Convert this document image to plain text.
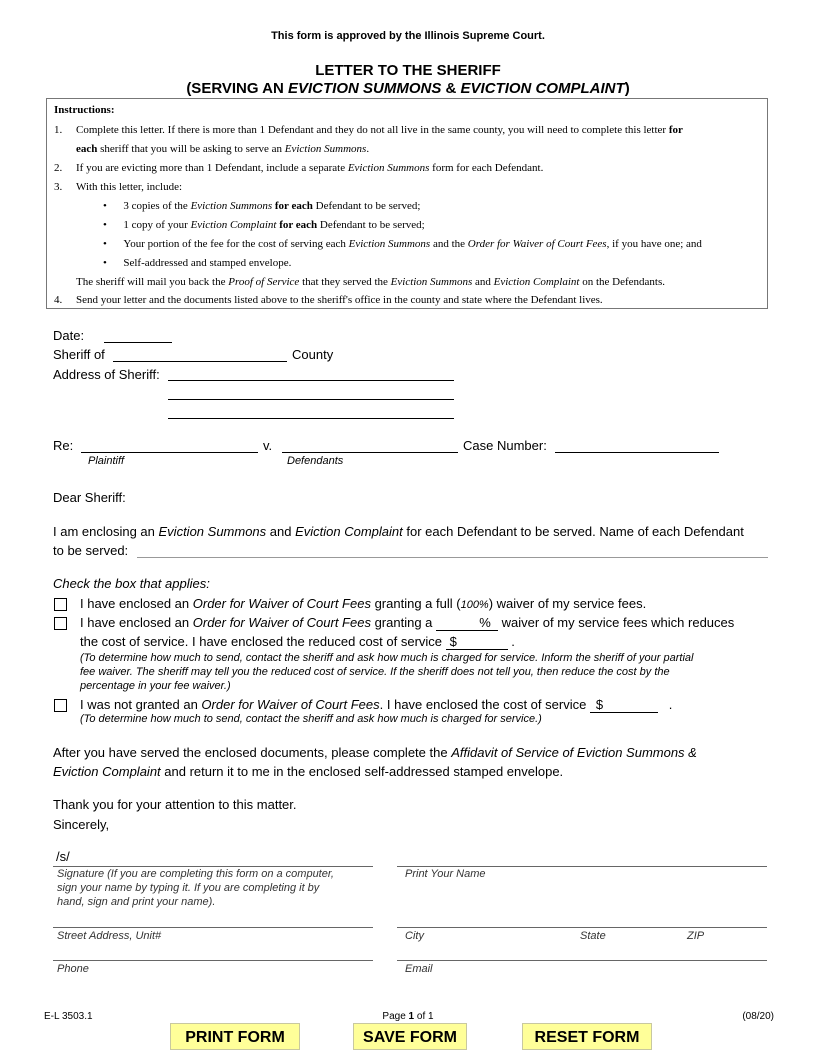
This form is approved by the Illinois Supreme Court.
LETTER TO THE SHERIFF
(SERVING AN EVICTION SUMMONS & EVICTION COMPLAINT)
Instructions:
1. Complete this letter. If there is more than 1 Defendant and they do not all live in the same county, you will need to complete this letter for
each sheriff that you will be asking to serve an Eviction Summons.
2. If you are evicting more than 1 Defendant, include a separate Eviction Summons form for each Defendant.
3. With this letter, include:
•      3 copies of the Eviction Summons for each Defendant to be served;
•      1 copy of your Eviction Complaint for each Defendant to be served;
•      Your portion of the fee for the cost of serving each Eviction Summons and the Order for Waiver of Court Fees, if you have one; and
•      Self-addressed and stamped envelope.
The sheriff will mail you back the Proof of Service that they served the Eviction Summons and Eviction Complaint on the Defendants.
4. Send your letter and the documents listed above to the sheriff's office in the county and state where the Defendant lives.
Date:
Sheriff of	County
Address of Sheriff:
Re:	v.	Case Number:
Plaintiff	Defendants
Dear Sheriff:
I am enclosing an Eviction Summons and Eviction Complaint for each Defendant to be served. Name of each Defendant
to be served:
Check the box that applies:
I have enclosed an Order for Waiver of Court Fees granting a full (100%) waiver of my service fees.
I have enclosed an Order for Waiver of Court Fees granting a	%   waiver of my service fees which reduces
the cost of service. I have enclosed the reduced cost of service $	.
(To determine how much to send, contact the sheriff and ask how much is charged for service. Inform the sheriff of your partial
fee waiver. The sheriff may tell you the reduced cost of service. If the sheriff does not tell you, then reduce the cost by the
percentage in your fee waiver.)
I was not granted an Order for Waiver of Court Fees. I have enclosed the cost of service $	.
(To determine how much to send, contact the sheriff and ask how much is charged for service.)
After you have served the enclosed documents, please complete the Affidavit of Service of Eviction Summons &
Eviction Complaint and return it to me in the enclosed self-addressed stamped envelope.
Thank you for your attention to this matter.
Sincerely,
/s/
Signature (If you are completing this form on a computer,
sign your name by typing it. If you are completing it by
hand, sign and print your name).
Print Your Name
Street Address, Unit#	City	State	ZIP
Phone	Email
E-L 3503.1	Page 1 of 1	(08/20)
PRINT FORM	SAVE FORM	RESET FORM
